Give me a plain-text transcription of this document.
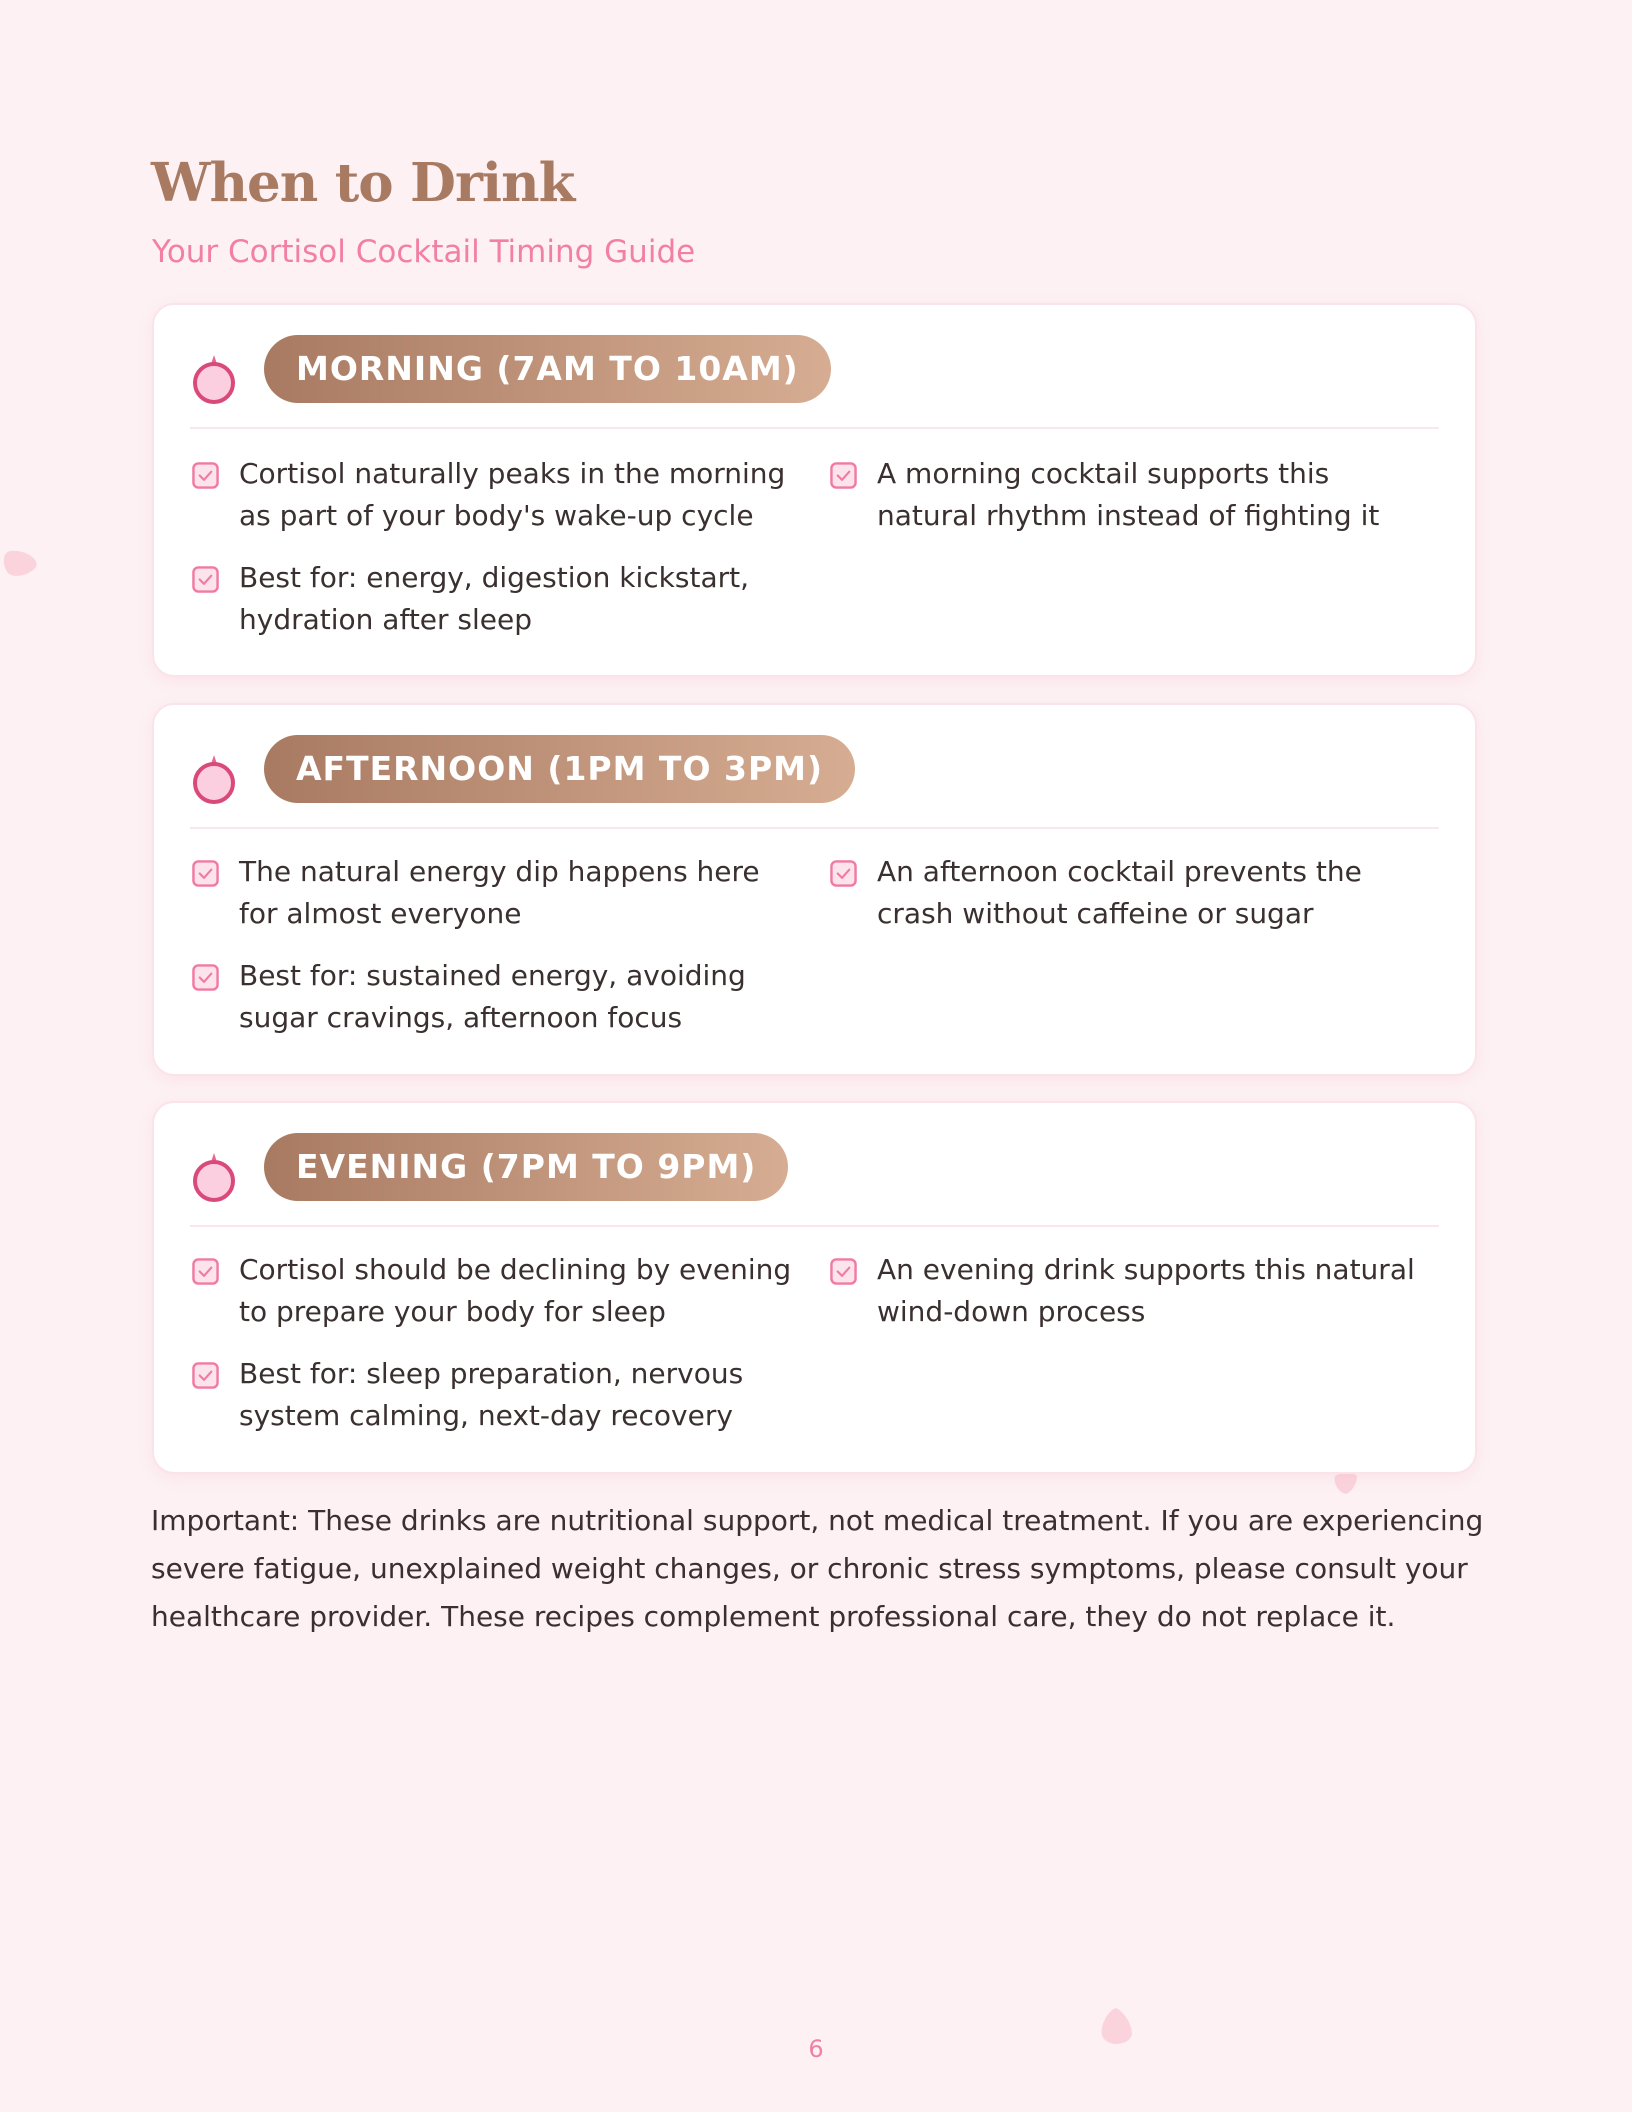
When to Drink
Your Cortisol Cocktail Timing Guide
MORNING (7AM TO 10AM)
Cortisol naturally peaks in the morning as part of your body's wake-up cycle
A morning cocktail supports this natural rhythm instead of fighting it
Best for: energy, digestion kickstart, hydration after sleep
AFTERNOON (1PM TO 3PM)
The natural energy dip happens here for almost everyone
An afternoon cocktail prevents the crash without caffeine or sugar
Best for: sustained energy, avoiding sugar cravings, afternoon focus
EVENING (7PM TO 9PM)
Cortisol should be declining by evening to prepare your body for sleep
An evening drink supports this natural wind-down process
Best for: sleep preparation, nervous system calming, next-day recovery

Important: These drinks are nutritional support, not medical treatment. If you are experiencing severe fatigue, unexplained weight changes, or chronic stress symptoms, please consult your healthcare provider. These recipes complement professional care, they do not replace it.

6
